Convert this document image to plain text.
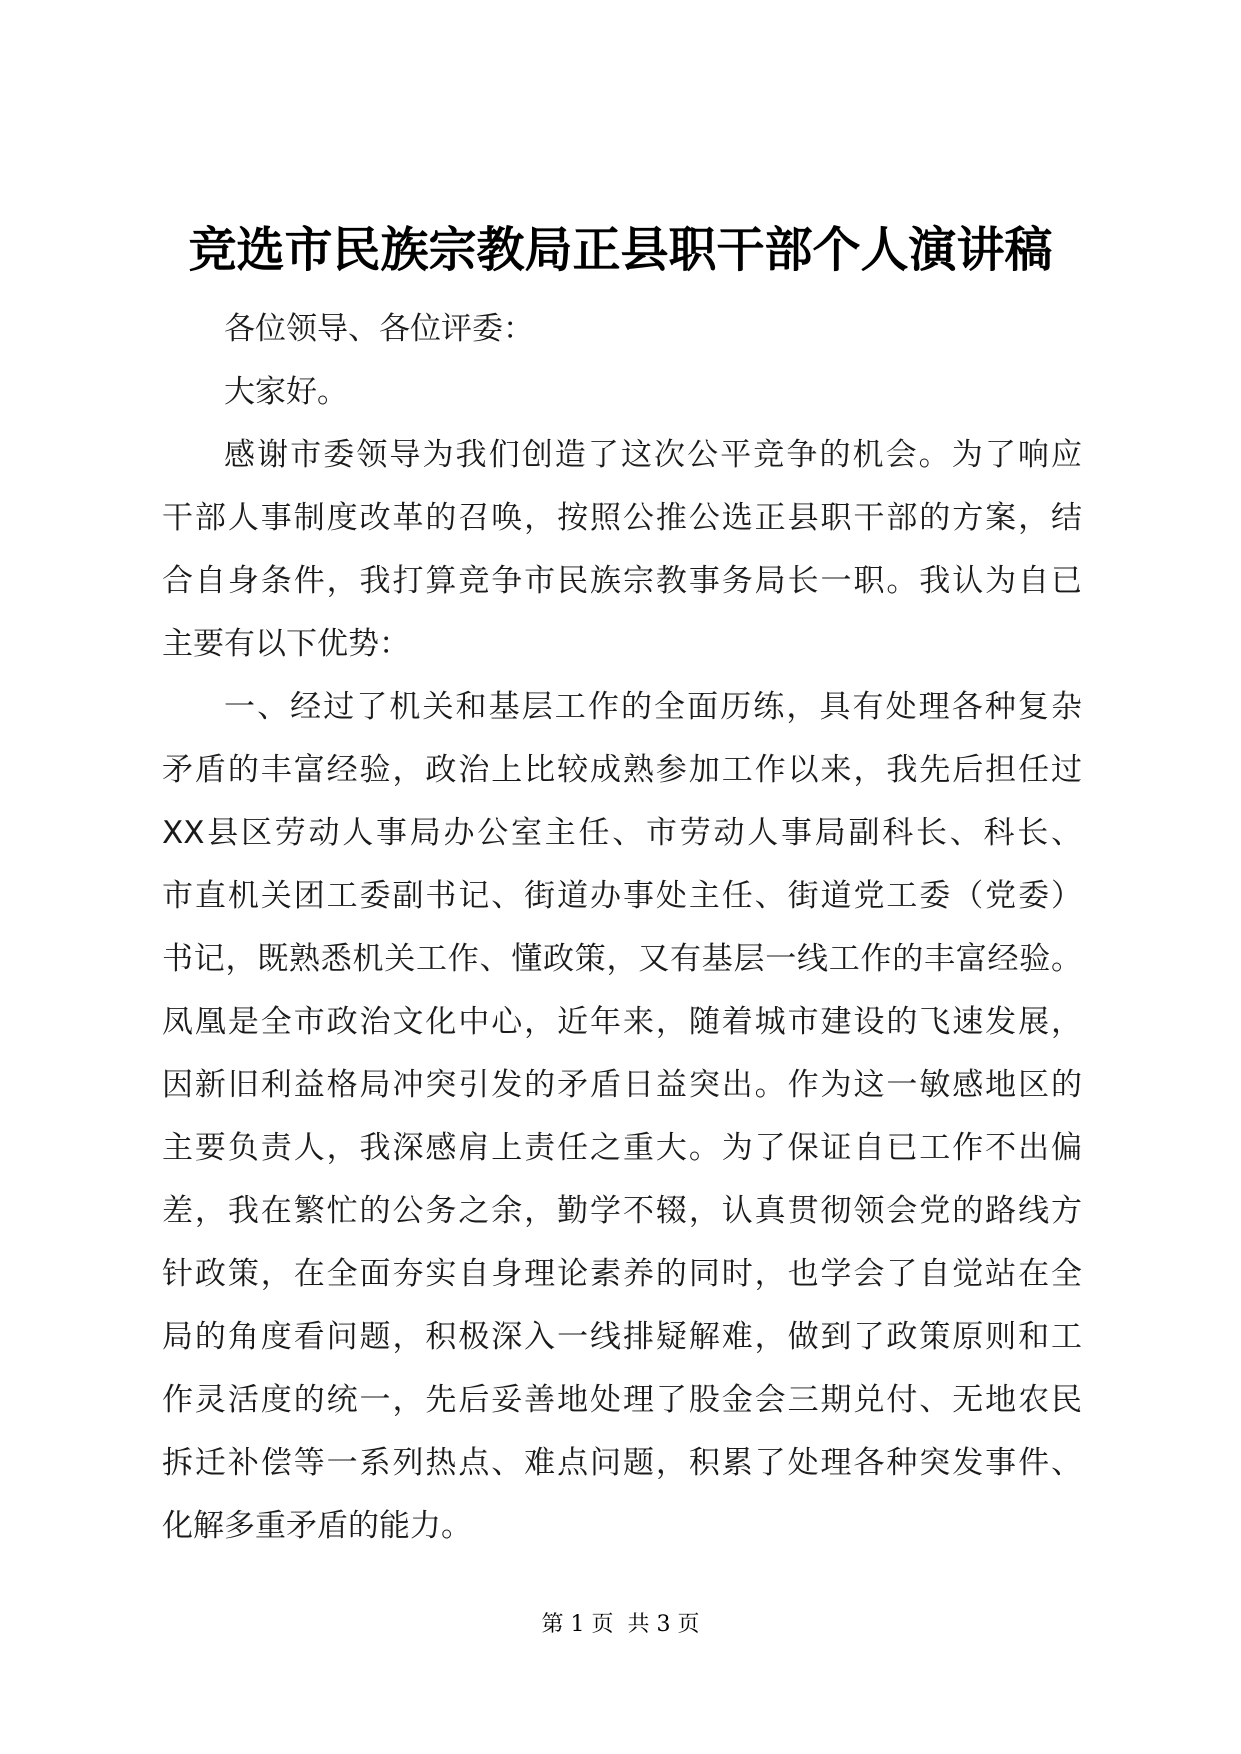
竞选市民族宗教局正县职干部个人演讲稿
各位领导、各位评委：
大家好。
感谢市委领导为我们创造了这次公平竞争的机会。为了响应
干部人事制度改革的召唤，按照公推公选正县职干部的方案，结
合自身条件，我打算竞争市民族宗教事务局长一职。我认为自已
主要有以下优势：
一、经过了机关和基层工作的全面历练，具有处理各种复杂
矛盾的丰富经验，政治上比较成熟参加工作以来，我先后担任过
XX县区劳动人事局办公室主任、市劳动人事局副科长、科长、
市直机关团工委副书记、街道办事处主任、街道党工委（党委）
书记，既熟悉机关工作、懂政策，又有基层一线工作的丰富经验。
凤凰是全市政治文化中心，近年来，随着城市建设的飞速发展，
因新旧利益格局冲突引发的矛盾日益突出。作为这一敏感地区的
主要负责人，我深感肩上责任之重大。为了保证自已工作不出偏
差，我在繁忙的公务之余，勤学不辍，认真贯彻领会党的路线方
针政策，在全面夯实自身理论素养的同时，也学会了自觉站在全
局的角度看问题，积极深入一线排疑解难，做到了政策原则和工
作灵活度的统一，先后妥善地处理了股金会三期兑付、无地农民
拆迁补偿等一系列热点、难点问题，积累了处理各种突发事件、
化解多重矛盾的能力。
第 1 页 共 3 页
